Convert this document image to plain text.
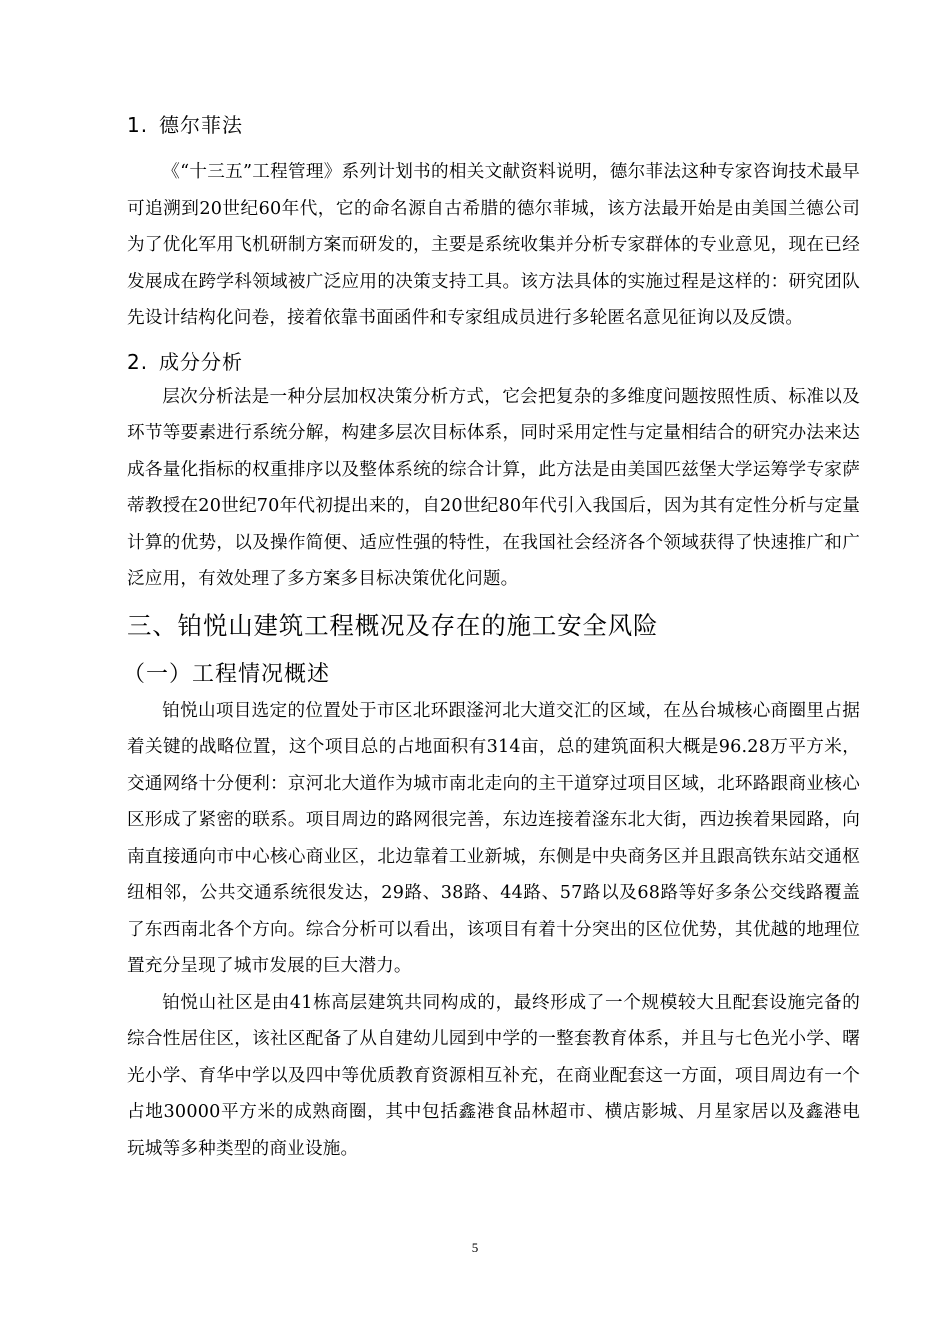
1. 德尔菲法

《“十三五”工程管理》系列计划书的相关文献资料说明，德尔菲法这种专家咨询技术最早可追溯到20世纪60年代，它的命名源自古希腊的德尔菲城，该方法最开始是由美国兰德公司为了优化军用飞机研制方案而研发的，主要是系统收集并分析专家群体的专业意见，现在已经发展成在跨学科领域被广泛应用的决策支持工具。该方法具体的实施过程是这样的：研究团队先设计结构化问卷，接着依靠书面函件和专家组成员进行多轮匿名意见征询以及反馈。

2. 成分分析

层次分析法是一种分层加权决策分析方式，它会把复杂的多维度问题按照性质、标准以及环节等要素进行系统分解，构建多层次目标体系，同时采用定性与定量相结合的研究办法来达成各量化指标的权重排序以及整体系统的综合计算，此方法是由美国匹兹堡大学运筹学专家萨蒂教授在20世纪70年代初提出来的，自20世纪80年代引入我国后，因为其有定性分析与定量计算的优势，以及操作简便、适应性强的特性，在我国社会经济各个领域获得了快速推广和广泛应用，有效处理了多方案多目标决策优化问题。

三、铂悦山建筑工程概况及存在的施工安全风险
（一）工程情况概述

铂悦山项目选定的位置处于市区北环跟滏河北大道交汇的区域，在丛台城核心商圈里占据着关键的战略位置，这个项目总的占地面积有314亩，总的建筑面积大概是96.28万平方米，交通网络十分便利：京河北大道作为城市南北走向的主干道穿过项目区域，北环路跟商业核心区形成了紧密的联系。项目周边的路网很完善，东边连接着滏东北大街，西边挨着果园路，向南直接通向市中心核心商业区，北边靠着工业新城，东侧是中央商务区并且跟高铁东站交通枢纽相邻，公共交通系统很发达，29路、38路、44路、57路以及68路等好多条公交线路覆盖了东西南北各个方向。综合分析可以看出，该项目有着十分突出的区位优势，其优越的地理位置充分呈现了城市发展的巨大潜力。

铂悦山社区是由41栋高层建筑共同构成的，最终形成了一个规模较大且配套设施完备的综合性居住区，该社区配备了从自建幼儿园到中学的一整套教育体系，并且与七色光小学、曙光小学、育华中学以及四中等优质教育资源相互补充，在商业配套这一方面，项目周边有一个占地30000平方米的成熟商圈，其中包括鑫港食品林超市、横店影城、月星家居以及鑫港电玩城等多种类型的商业设施。

5
